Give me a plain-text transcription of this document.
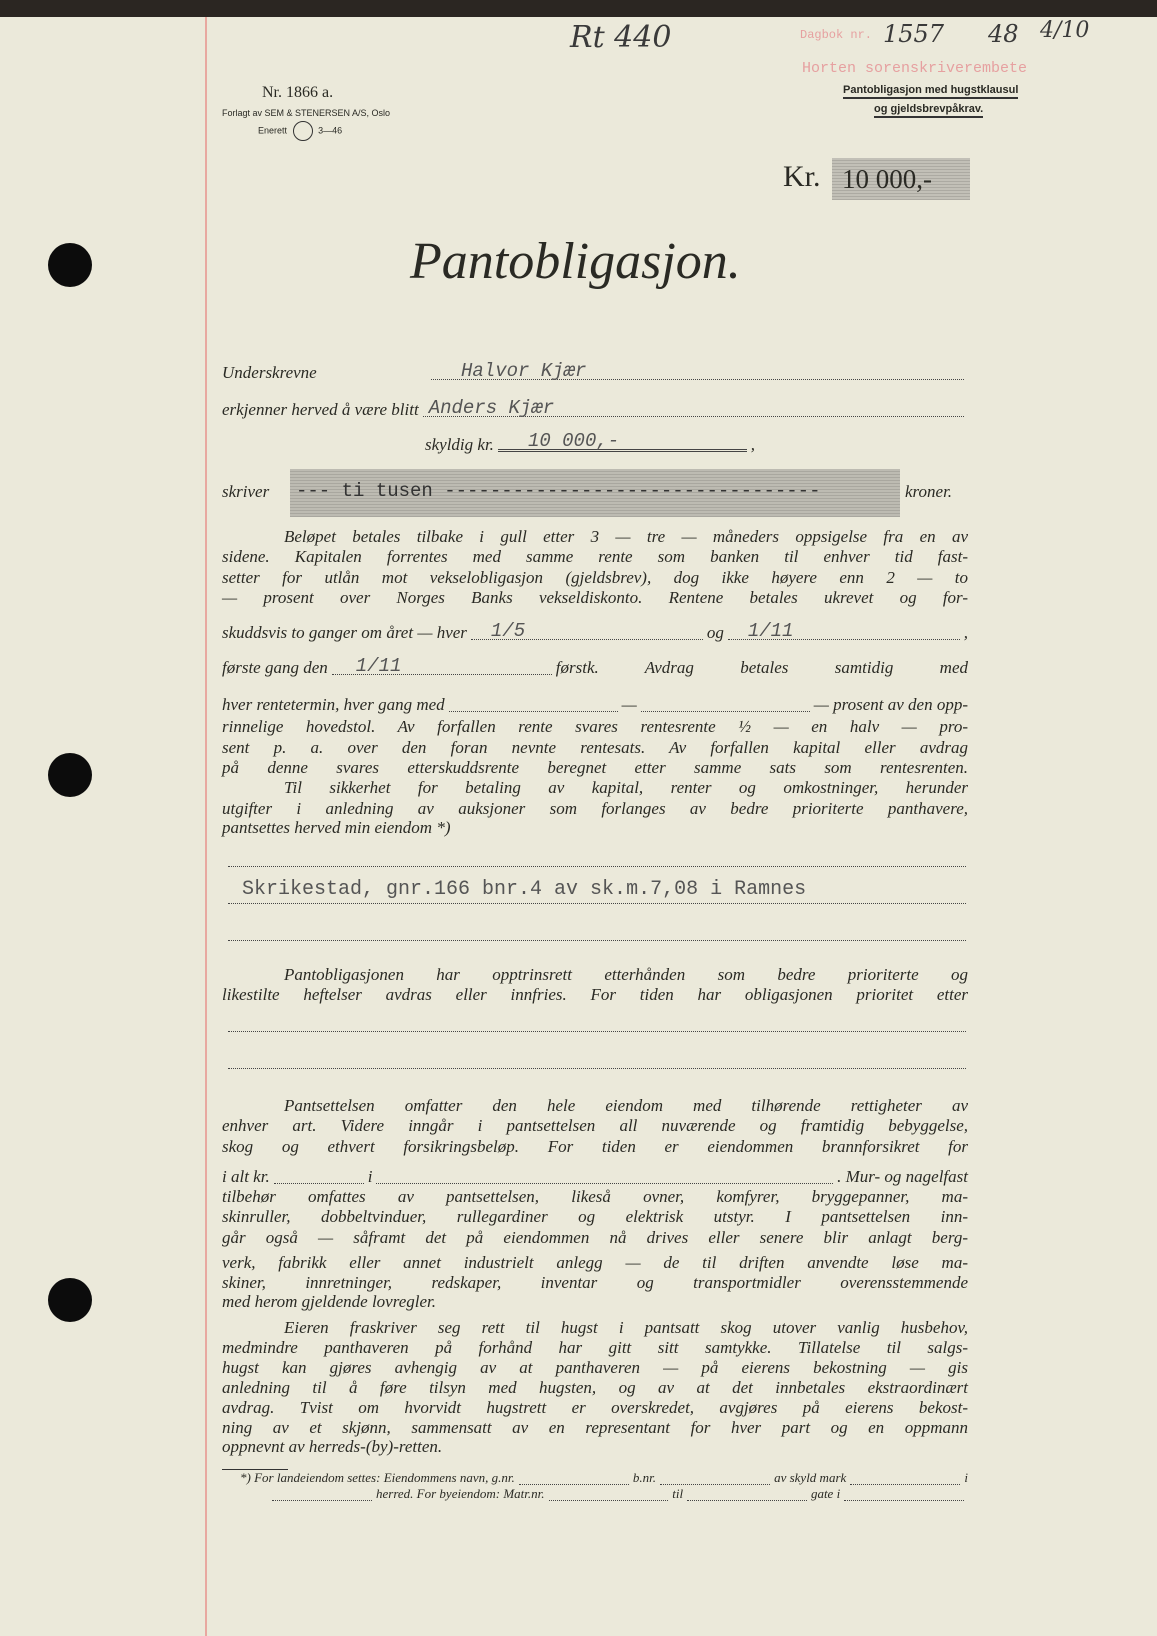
Nr. 1866 a.
Forlagt av SEM & STENERSEN A/S, Oslo
Enerett	3—46
Rt 440	Dagbok nr. 1557 48 4/10
Horten sorenskriverembete
Pantobligasjon med hugstklausul
og gjeldsbrevpåkrav.
Kr. 10 000,-
Pantobligasjon.
Underskrevne	Halvor Kjær
erkjenner herved å være blitt Anders Kjær
skyldig kr. 10 000,-	,
skriver --- ti tusen ---------------------------------	kroner.
Beløpet betales tilbake i gull etter 3 — tre — måneders oppsigelse fra en av
sidene. Kapitalen forrentes med samme rente som banken til enhver tid fast-
setter for utlån mot vekselobligasjon (gjeldsbrev), dog ikke høyere enn 2 — to
— prosent over Norges Banks vekseldiskonto. Rentene betales ukrevet og for-
skuddsvis to ganger om året — hver 1/5	og 1/11	,
første gang den 1/11	førstk. Avdrag betales samtidig med
hver rentetermin, hver gang med	—	— prosent av den opp-
rinnelige hovedstol. Av forfallen rente svares rentesrente ½ — en halv — pro-
sent p. a. over den foran nevnte rentesats. Av forfallen kapital eller avdrag
på denne svares etterskuddsrente beregnet etter samme sats som rentesrenten.
Til sikkerhet for betaling av kapital, renter og omkostninger, herunder
utgifter i anledning av auksjoner som forlanges av bedre prioriterte panthavere,
pantsettes herved min eiendom *)
Skrikestad, gnr.166 bnr.4 av sk.m.7,08 i Ramnes
Pantobligasjonen har opptrinsrett etterhånden som bedre prioriterte og
likestilte heftelser avdras eller innfries. For tiden har obligasjonen prioritet etter
Pantsettelsen omfatter den hele eiendom med tilhørende rettigheter av
enhver art. Videre inngår i pantsettelsen all nuværende og framtidig bebyggelse,
skog og ethvert forsikringsbeløp. For tiden er eiendommen brannforsikret for
i alt kr.	i	. Mur- og nagelfast
tilbehør omfattes av pantsettelsen, likeså ovner, komfyrer, bryggepanner, ma-
skinruller, dobbeltvinduer, rullegardiner og elektrisk utstyr. I pantsettelsen inn-
går også — såframt det på eiendommen nå drives eller senere blir anlagt berg-
verk, fabrikk eller annet industrielt anlegg — de til driften anvendte løse ma-
skiner, innretninger, redskaper, inventar og transportmidler overensstemmende
med herom gjeldende lovregler.
Eieren fraskriver seg rett til hugst i pantsatt skog utover vanlig husbehov,
medmindre panthaveren på forhånd har gitt sitt samtykke. Tillatelse til salgs-
hugst kan gjøres avhengig av at panthaveren — på eierens bekostning — gis
anledning til å føre tilsyn med hugsten, og av at det innbetales ekstraordinært
avdrag. Tvist om hvorvidt hugstrett er overskredet, avgjøres på eierens bekost-
ning av et skjønn, sammensatt av en representant for hver part og en oppmann
oppnevnt av herreds-(by)-retten.
*) For landeiendom settes: Eiendommens navn, g.nr.	b.nr.	av skyld mark	i
herred. For byeiendom: Matr.nr.	til	gate i
